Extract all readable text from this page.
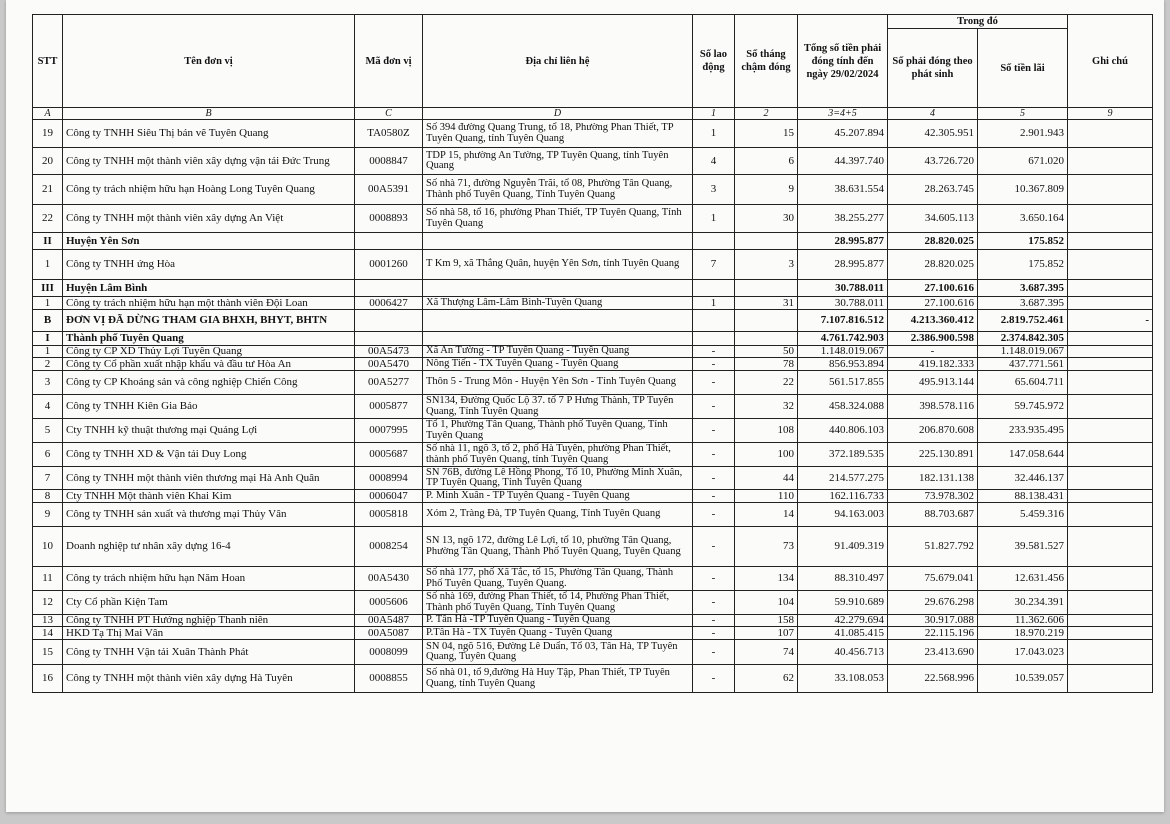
STT	Tên đơn vị	Mã đơn vị	Địa chỉ liên hệ	Số lao động	Số tháng chậm đóng	Tổng số tiền phải đóng tính đến ngày 29/02/2024	Trong đó		Ghi chú
							Số phải đóng theo phát sinh	Số tiền lãi	
A	B	C	D	1	2	3=4+5	4	5	9
19	Công ty TNHH Siêu Thị bán vẽ Tuyên Quang	TA0580Z	Số 394 đường Quang Trung, tổ 18, Phường Phan Thiết, TP Tuyên Quang, tỉnh Tuyên Quang	1	15	45.207.894	42.305.951	2.901.943	
20	Công ty TNHH một thành viên xây dựng vận tải Đức Trung	0008847	TDP 15, phường An Tường, TP Tuyên Quang, tỉnh Tuyên Quang	4	6	44.397.740	43.726.720	671.020	
21	Công ty trách nhiệm hữu hạn Hoàng Long Tuyên Quang	00A5391	Số nhà 71, đường Nguyễn Trãi, tổ 08, Phường Tân Quang, Thành phố Tuyên Quang, Tỉnh Tuyên Quang	3	9	38.631.554	28.263.745	10.367.809	
22	Công ty TNHH một thành viên xây dựng An Việt	0008893	Số nhà 58, tổ 16, phường Phan Thiết, TP Tuyên Quang, Tỉnh Tuyên Quang	1	30	38.255.277	34.605.113	3.650.164	
II	Huyện Yên Sơn					28.995.877	28.820.025	175.852	
1	Công ty TNHH ứng Hòa	0001260	T Km 9, xã Thắng Quân, huyện Yên Sơn, tỉnh Tuyên Quang	7	3	28.995.877	28.820.025	175.852	
III	Huyện Lâm Bình					30.788.011	27.100.616	3.687.395	
1	Công ty trách nhiệm hữu hạn một thành viên Đội Loan	0006427	Xã Thượng Lâm-Lâm Bình-Tuyên Quang	1	31	30.788.011	27.100.616	3.687.395	
B	ĐƠN VỊ ĐÃ DỪNG THAM GIA BHXH, BHYT, BHTN					7.107.816.512	4.213.360.412	2.819.752.461	-
I	Thành phố Tuyên Quang					4.761.742.903	2.386.900.598	2.374.842.305	
1	Công ty CP XD Thủy Lợi Tuyên Quang	00A5473	Xã An Tường - TP Tuyên Quang - Tuyên Quang	-	50	1.148.019.067	-	1.148.019.067	
2	Công ty Cổ phần xuất nhập khẩu và đầu tư Hòa An	00A5470	Nông Tiến - TX Tuyên Quang - Tuyên Quang	-	78	856.953.894	419.182.333	437.771.561	
3	Công ty CP Khoáng sản và công nghiệp Chiến Công	00A5277	Thôn 5 - Trung Môn - Huyện Yên Sơn - Tỉnh Tuyên Quang	-	22	561.517.855	495.913.144	65.604.711	
4	Công ty TNHH Kiên Gia Bảo	0005877	SN134, Đường Quốc Lộ 37. tổ 7 P Hưng Thành, TP Tuyên Quang, Tỉnh Tuyên Quang	-	32	458.324.088	398.578.116	59.745.972	
5	Cty TNHH kỹ thuật thương mại Quảng Lợi	0007995	Tổ 1, Phường Tân Quang, Thành phố Tuyên Quang, Tỉnh Tuyên Quang	-	108	440.806.103	206.870.608	233.935.495	
6	Công ty TNHH XD & Vận tải Duy Long	0005687	Số nhà 11, ngõ 3, tổ 2, phố Hà Tuyên, phường Phan Thiết, thành phố Tuyên Quang, tỉnh Tuyên Quang	-	100	372.189.535	225.130.891	147.058.644	
7	Công ty TNHH một thành viên thương mại Hà Anh Quân	0008994	SN 76B, đường Lê Hồng Phong, Tổ 10, Phường Minh Xuân, TP Tuyên Quang, Tỉnh Tuyên Quang	-	44	214.577.275	182.131.138	32.446.137	
8	Cty TNHH Một thành viên Khai Kim	0006047	P. Minh Xuân - TP Tuyên Quang - Tuyên Quang	-	110	162.116.733	73.978.302	88.138.431	
9	Công ty TNHH sản xuất và thương mại Thủy Vân	0005818	Xóm 2, Tràng Đà, TP Tuyên Quang, Tỉnh Tuyên Quang	-	14	94.163.003	88.703.687	5.459.316	
10	Doanh nghiệp tư nhân xây dựng 16-4	0008254	SN 13, ngõ 172, đường Lê Lợi, tổ 10, phường Tân Quang, Phường Tân Quang, Thành Phố Tuyên Quang, Tuyên Quang	-	73	91.409.319	51.827.792	39.581.527	
11	Công ty trách nhiệm hữu hạn Năm Hoan	00A5430	Số nhà 177, phố Xã Tắc, tổ 15, Phường Tân Quang, Thành Phố Tuyên Quang, Tuyên Quang.	-	134	88.310.497	75.679.041	12.631.456	
12	Cty Cổ phần Kiện Tam	0005606	Số nhà 169, đường Phan Thiết, tổ 14, Phường Phan Thiết, Thành phố Tuyên Quang, Tỉnh Tuyên Quang	-	104	59.910.689	29.676.298	30.234.391	
13	Công ty TNHH PT Hướng nghiệp Thanh niên	00A5487	P. Tân Hà -TP Tuyên Quang - Tuyên Quang	-	158	42.279.694	30.917.088	11.362.606	
14	HKD Tạ Thị Mai Vân	00A5087	P.Tân Hà - TX Tuyên Quang - Tuyên Quang	-	107	41.085.415	22.115.196	18.970.219	
15	Công ty TNHH Vận tải Xuân Thành Phát	0008099	SN 04, ngõ 516, Đường Lê Duẩn, Tổ 03, Tân Hà, TP Tuyên Quang, Tuyên Quang	-	74	40.456.713	23.413.690	17.043.023	
16	Công ty TNHH một thành viên xây dựng Hà Tuyên	0008855	Số nhà 01, tổ 9,đường Hà Huy Tập, Phan Thiết, TP Tuyên Quang, tỉnh Tuyên Quang	-	62	33.108.053	22.568.996	10.539.057	
